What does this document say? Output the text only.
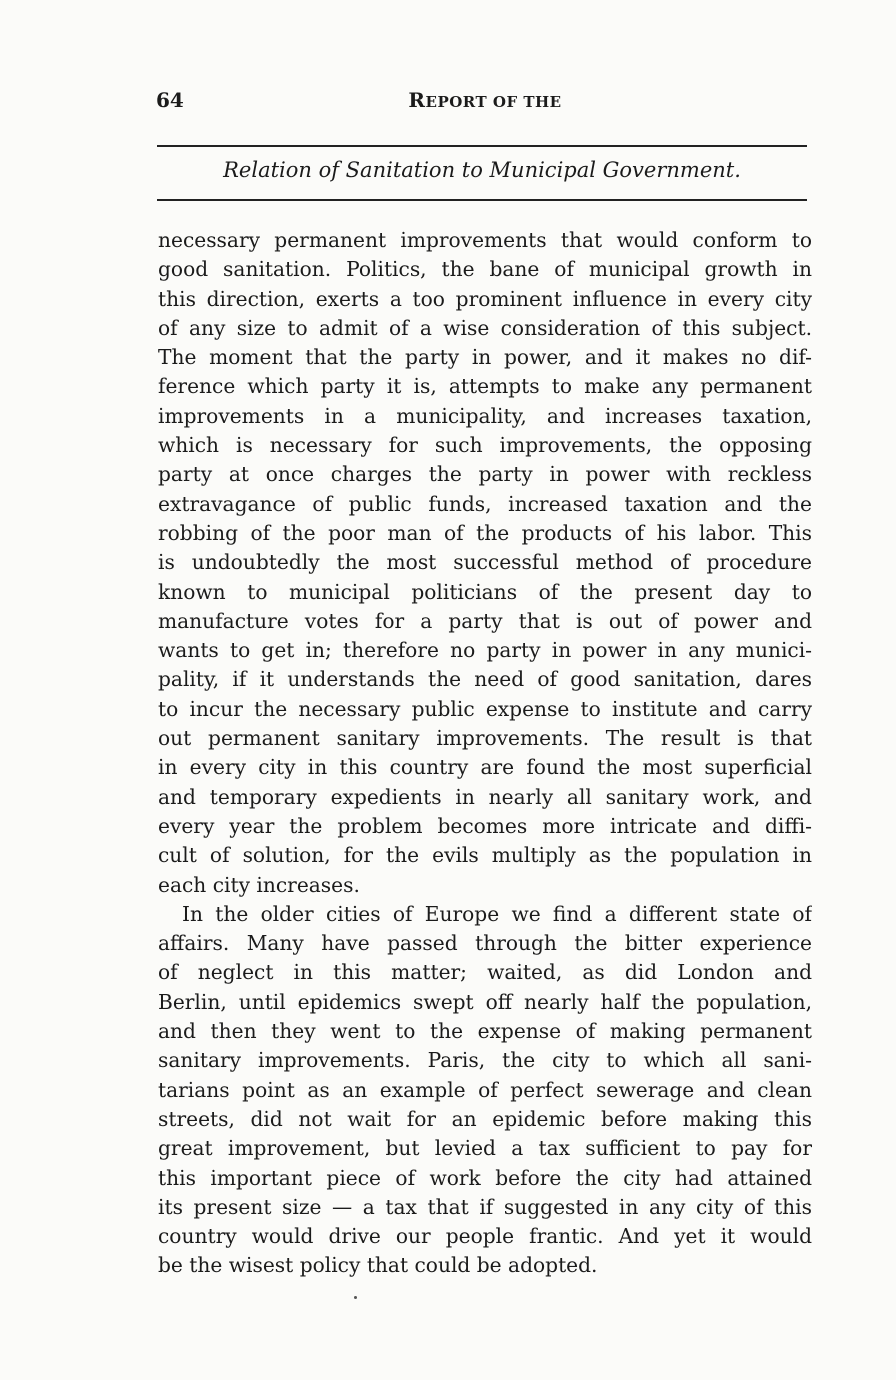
64	REPORT OF THE
Relation of Sanitation to Municipal Government.
necessary permanent improvements that would conform to
good sanitation. Politics, the bane of municipal growth in
this direction, exerts a too prominent influence in every city
of any size to admit of a wise consideration of this subject.
The moment that the party in power, and it makes no dif-
ference which party it is, attempts to make any permanent
improvements in a municipality, and increases taxation,
which is necessary for such improvements, the opposing
party at once charges the party in power with reckless
extravagance of public funds, increased taxation and the
robbing of the poor man of the products of his labor. This
is undoubtedly the most successful method of procedure
known to municipal politicians of the present day to
manufacture votes for a party that is out of power and
wants to get in; therefore no party in power in any munici-
pality, if it understands the need of good sanitation, dares
to incur the necessary public expense to institute and carry
out permanent sanitary improvements. The result is that
in every city in this country are found the most superficial
and temporary expedients in nearly all sanitary work, and
every year the problem becomes more intricate and diffi-
cult of solution, for the evils multiply as the population in
each city increases.
In the older cities of Europe we find a different state of
affairs. Many have passed through the bitter experience
of neglect in this matter; waited, as did London and
Berlin, until epidemics swept off nearly half the population,
and then they went to the expense of making permanent
sanitary improvements. Paris, the city to which all sani-
tarians point as an example of perfect sewerage and clean
streets, did not wait for an epidemic before making this
great improvement, but levied a tax sufficient to pay for
this important piece of work before the city had attained
its present size — a tax that if suggested in any city of this
country would drive our people frantic. And yet it would
be the wisest policy that could be adopted.
